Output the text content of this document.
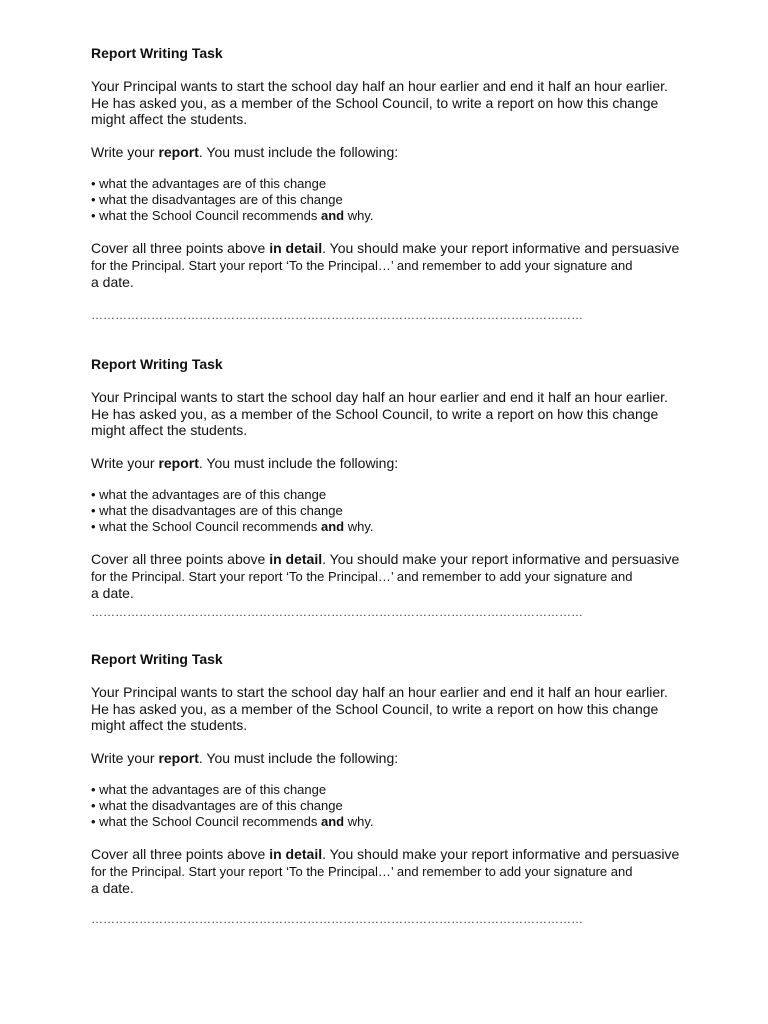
Report Writing Task
Your Principal wants to start the school day half an hour earlier and end it half an hour earlier.
He has asked you, as a member of the School Council, to write a report on how this change
might affect the students.
Write your report. You must include the following:
• what the advantages are of this change
• what the disadvantages are of this change
• what the School Council recommends and why.
Cover all three points above in detail. You should make your report informative and persuasive
for the Principal. Start your report ‘To the Principal…’ and remember to add your signature and
a date.
……………………………………………………………………………………………………………
Report Writing Task
Your Principal wants to start the school day half an hour earlier and end it half an hour earlier.
He has asked you, as a member of the School Council, to write a report on how this change
might affect the students.
Write your report. You must include the following:
• what the advantages are of this change
• what the disadvantages are of this change
• what the School Council recommends and why.
Cover all three points above in detail. You should make your report informative and persuasive
for the Principal. Start your report ‘To the Principal…’ and remember to add your signature and
a date.
……………………………………………………………………………………………………………
Report Writing Task
Your Principal wants to start the school day half an hour earlier and end it half an hour earlier.
He has asked you, as a member of the School Council, to write a report on how this change
might affect the students.
Write your report. You must include the following:
• what the advantages are of this change
• what the disadvantages are of this change
• what the School Council recommends and why.
Cover all three points above in detail. You should make your report informative and persuasive
for the Principal. Start your report ‘To the Principal…’ and remember to add your signature and
a date.
……………………………………………………………………………………………………………
